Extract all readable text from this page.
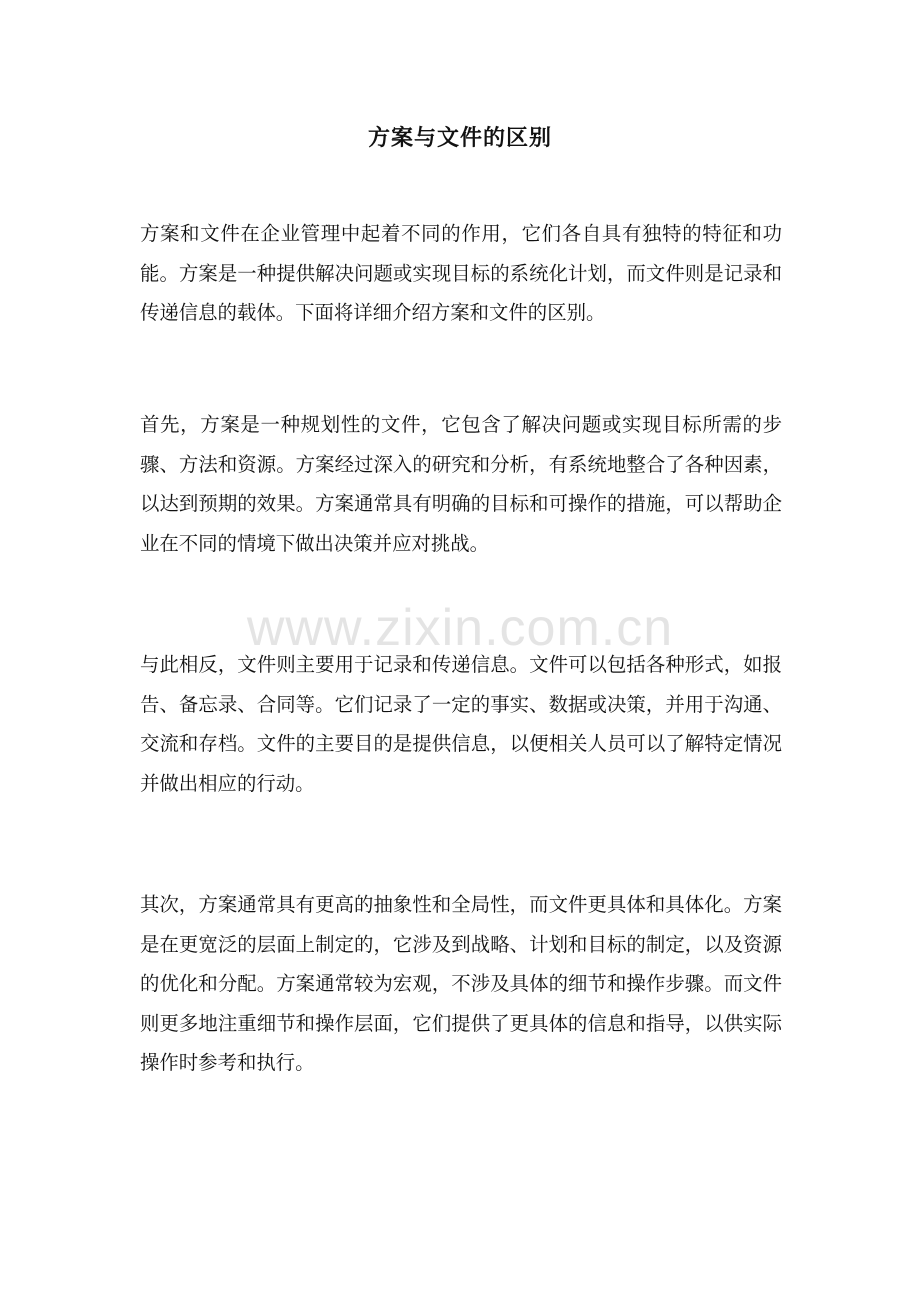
方案与文件的区别

方案和文件在企业管理中起着不同的作用，它们各自具有独特的特征和功能。方案是一种提供解决问题或实现目标的系统化计划，而文件则是记录和传递信息的载体。下面将详细介绍方案和文件的区别。

首先，方案是一种规划性的文件，它包含了解决问题或实现目标所需的步骤、方法和资源。方案经过深入的研究和分析，有系统地整合了各种因素，以达到预期的效果。方案通常具有明确的目标和可操作的措施，可以帮助企业在不同的情境下做出决策并应对挑战。

与此相反，文件则主要用于记录和传递信息。文件可以包括各种形式，如报告、备忘录、合同等。它们记录了一定的事实、数据或决策，并用于沟通、交流和存档。文件的主要目的是提供信息，以便相关人员可以了解特定情况并做出相应的行动。

其次，方案通常具有更高的抽象性和全局性，而文件更具体和具体化。方案是在更宽泛的层面上制定的，它涉及到战略、计划和目标的制定，以及资源的优化和分配。方案通常较为宏观，不涉及具体的细节和操作步骤。而文件则更多地注重细节和操作层面，它们提供了更具体的信息和指导，以供实际操作时参考和执行。

www.zixin.com.cn
